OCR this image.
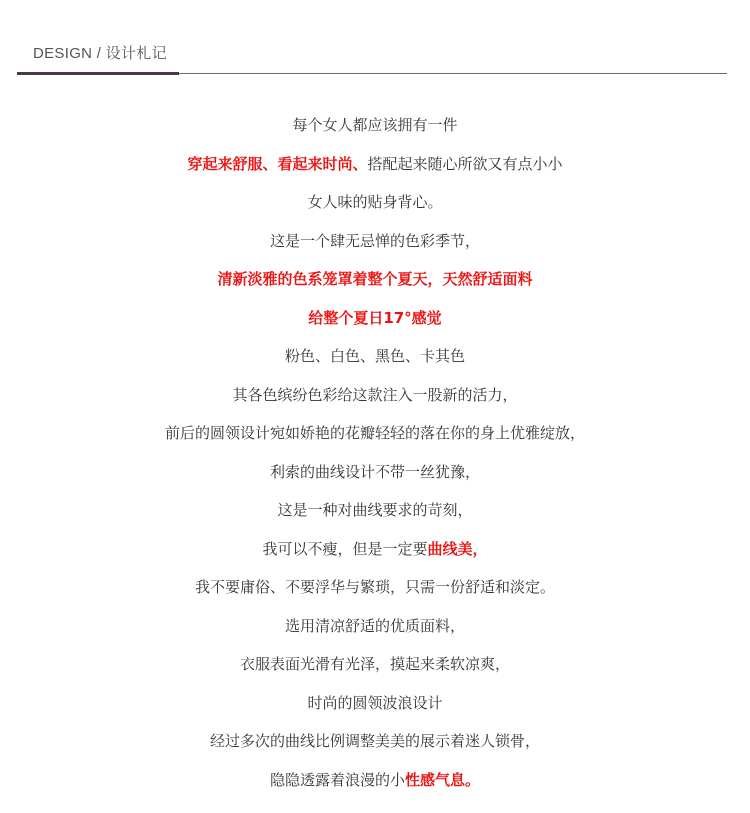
DESIGN / 设计札记
每个女人都应该拥有一件
穿起来舒服、看起来时尚、搭配起来随心所欲又有点小小
女人味的贴身背心。
这是一个肆无忌惮的色彩季节，
清新淡雅的色系笼罩着整个夏天，天然舒适面料
给整个夏日17°感觉
粉色、白色、黑色、卡其色
其各色缤纷色彩给这款注入一股新的活力，
前后的圆领设计宛如娇艳的花瓣轻轻的落在你的身上优雅绽放，
利索的曲线设计不带一丝犹豫，
这是一种对曲线要求的苛刻，
我可以不瘦，但是一定要曲线美，
我不要庸俗、不要浮华与繁琐，只需一份舒适和淡定。
选用清凉舒适的优质面料，
衣服表面光滑有光泽，摸起来柔软凉爽，
时尚的圆领波浪设计
经过多次的曲线比例调整美美的展示着迷人锁骨，
隐隐透露着浪漫的小性感气息。
